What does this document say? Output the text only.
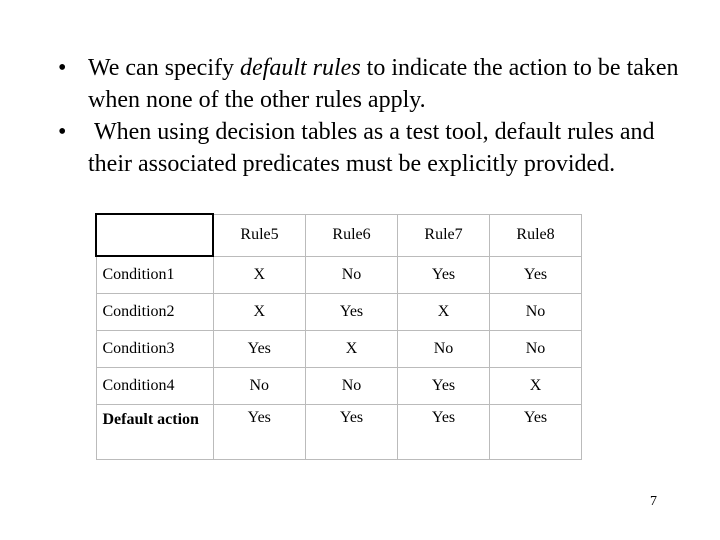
• We can specify default rules to indicate the action to be taken when none of the other rules apply.
• When using decision tables as a test tool, default rules and their associated predicates must be explicitly provided.
	Rule5	Rule6	Rule7	Rule8
Condition1	X	No	Yes	Yes
Condition2	X	Yes	X	No
Condition3	Yes	X	No	No
Condition4	No	No	Yes	X
Default action	Yes	Yes	Yes	Yes
7
